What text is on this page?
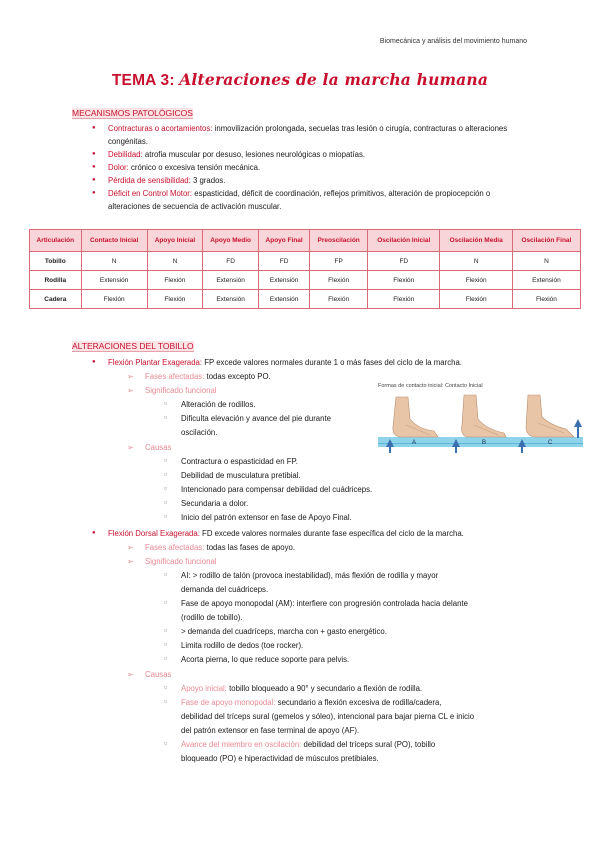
Biomecánica y análisis del movimiento humano
TEMA 3: Alteraciones de la marcha humana
MECANISMOS PATOLÓGICOS
● Contracturas o acortamientos: inmovilización prolongada, secuelas tras lesión o cirugía, contracturas o alteraciones congénitas.
● Debilidad: atrofia muscular por desuso, lesiones neurológicas o miopatías.
● Dolor: crónico o excesiva tensión mecánica.
● Pérdida de sensibilidad: 3 grados.
● Déficit en Control Motor: espasticidad, déficit de coordinación, reflejos primitivos, alteración de propiocepción o alteraciones de secuencia de activación muscular.
Articulación	Contacto Inicial	Apoyo Inicial	Apoyo Medio	Apoyo Final	Preoscilación	Oscilación Inicial	Oscilación Media	Oscilación Final
Tobillo	N	N	FD	FD	FP	FD	N	N
Rodilla	Extensión	Flexión	Extensión	Extensión	Flexión	Flexión	Flexión	Extensión
Cadera	Flexión	Flexión	Extensión	Extensión	Flexión	Flexión	Flexión	Flexión
ALTERACIONES DEL TOBILLO
● Flexión Plantar Exagerada: FP excede valores normales durante 1 o más fases del ciclo de la marcha.
➢ Fases afectadas: todas excepto PO.
➢ Significado funcional
▫ Alteración de rodillos.
▫ Dificulta elevación y avance del pie durante
oscilación.
➢ Causas
▫ Contractura o espasticidad en FP.
▫ Debilidad de musculatura pretibial.
▫ Intencionado para compensar debilidad del cuádriceps.
▫ Secundaria a dolor.
▫ Inicio del patrón extensor en fase de Apoyo Final.
Formas de contacto inicial: Contacto Inicial
A	B	C
● Flexión Dorsal Exagerada: FD excede valores normales durante fase específica del ciclo de la marcha.
➢ Fases afectadas: todas las fases de apoyo.
➢ Significado funcional
▫ AI: > rodillo de talón (provoca inestabilidad), más flexión de rodilla y mayor
demanda del cuádriceps.
▫ Fase de apoyo monopodal (AM): interfiere con progresión controlada hacia delante
(rodillo de tobillo).
▫ > demanda del cuadríceps, marcha con + gasto energético.
▫ Limita rodillo de dedos (toe rocker).
▫ Acorta pierna, lo que reduce soporte para pelvis.
➢ Causas
▫ Apoyo inicial: tobillo bloqueado a 90° y secundario a flexión de rodilla.
▫ Fase de apoyo monopodal: secundario a flexión excesiva de rodilla/cadera,
debilidad del tríceps sural (gemelos y sóleo), intencional para bajar pierna CL e inicio
del patrón extensor en fase terminal de apoyo (AF).
▫ Avance del miembro en oscilación: debilidad del tríceps sural (PO), tobillo
bloqueado (PO) e hiperactividad de músculos pretibiales.
